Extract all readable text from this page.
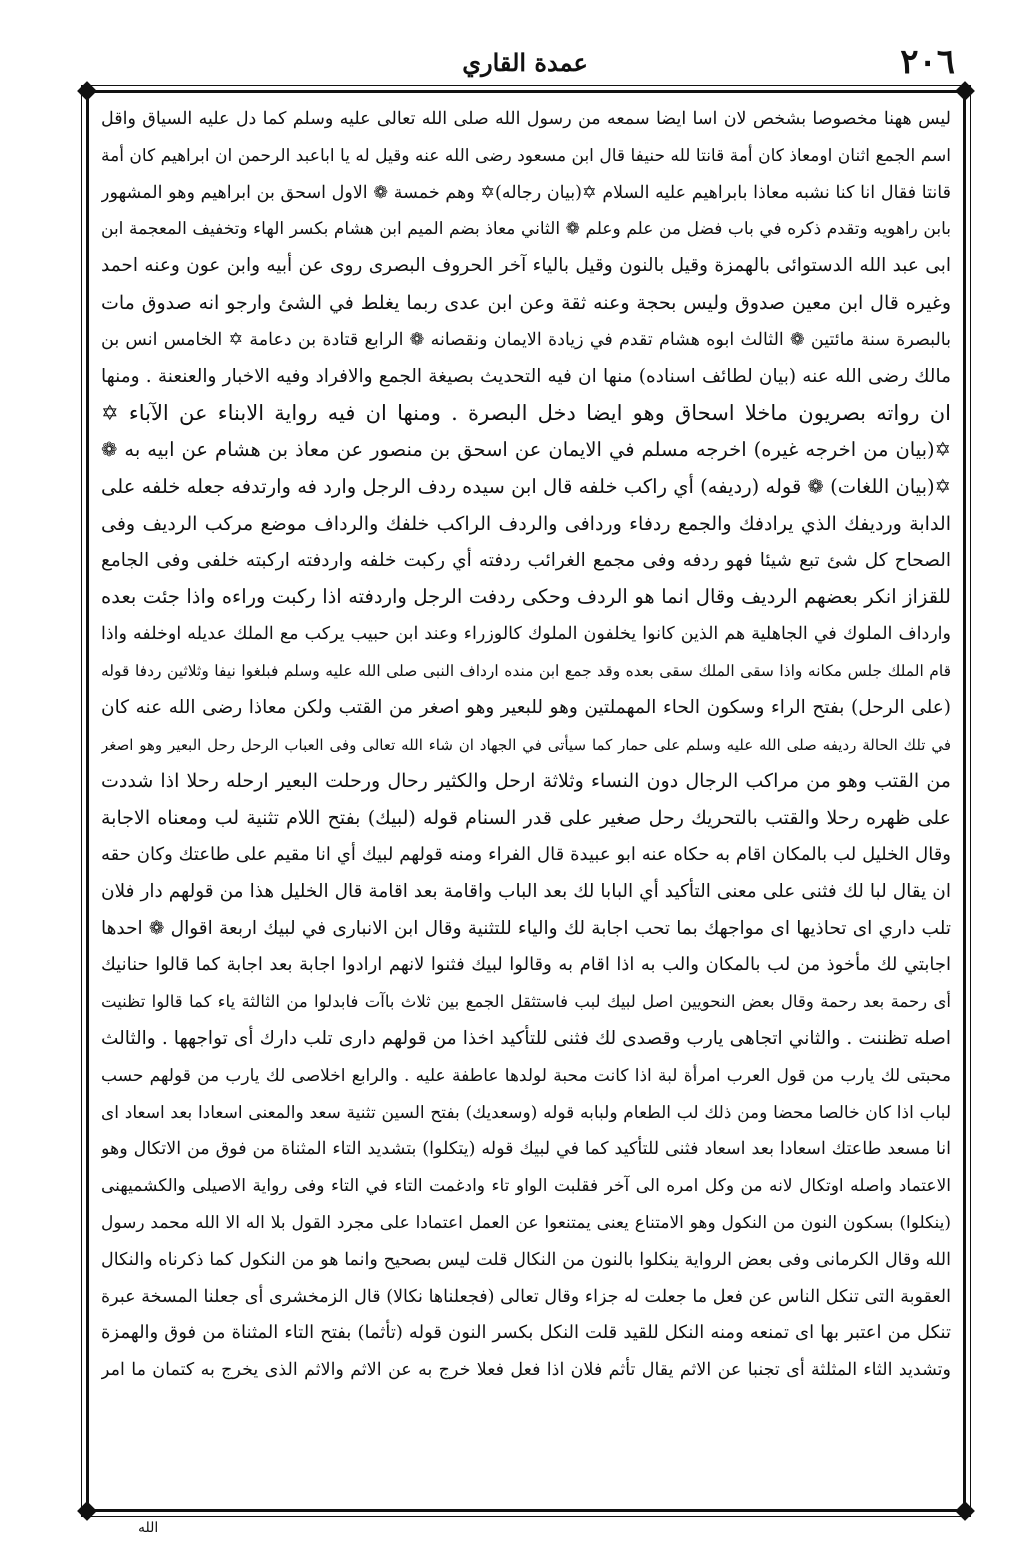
٢٠٦
عمدة القاري
ليس ههنا مخصوصا بشخص لان اسا ايضا سمعه من رسول الله صلى الله تعالى عليه وسلم كما دل عليه السياق واقل
اسم الجمع اثنان اومعاذ كان أمة قانتا لله حنيفا قال ابن مسعود رضى الله عنه وقيل له يا اباعبد الرحمن ان ابراهيم كان أمة
قانتا فقال انا كنا نشبه معاذا بابراهيم عليه السلام ✡(بيان رجاله)✡ وهم خمسة ❁ الاول اسحق بن ابراهيم وهو المشهور
بابن راهويه وتقدم ذكره في باب فضل من علم وعلم ❁ الثاني معاذ بضم الميم ابن هشام بكسر الهاء وتخفيف المعجمة ابن
ابى عبد الله الدستوائى بالهمزة وقيل بالنون وقيل بالياء آخر الحروف البصرى روى عن أبيه وابن عون وعنه احمد
وغيره قال ابن معين صدوق وليس بحجة وعنه ثقة وعن ابن عدى ربما يغلط في الشئ وارجو انه صدوق مات
بالبصرة سنة مائتين ❁ الثالث ابوه هشام تقدم في زيادة الايمان ونقصانه ❁ الرابع قتادة بن دعامة ✡ الخامس انس بن
مالك رضى الله عنه (بيان لطائف اسناده) منها ان فيه التحديث بصيغة الجمع والافراد وفيه الاخبار والعنعنة . ومنها
ان رواته بصريون ماخلا اسحاق وهو ايضا دخل البصرة . ومنها ان فيه رواية الابناء عن الآباء ✡
✡(بيان من اخرجه غيره) اخرجه مسلم في الايمان عن اسحق بن منصور عن معاذ بن هشام عن ابيه به ❁
✡(بيان اللغات) ❁ قوله (رديفه) أي راكب خلفه قال ابن سيده ردف الرجل وارد فه وارتدفه جعله خلفه على
الدابة ورديفك الذي يرادفك والجمع ردفاء وردافى والردف الراكب خلفك والرداف موضع مركب الرديف وفى
الصحاح كل شئ تبع شيئا فهو ردفه وفى مجمع الغرائب ردفته أي ركبت خلفه واردفته اركبته خلفى وفى الجامع
للقزاز انكر بعضهم الرديف وقال انما هو الردف وحكى ردفت الرجل واردفته اذا ركبت وراءه واذا جئت بعده
وارداف الملوك في الجاهلية هم الذين كانوا يخلفون الملوك كالوزراء وعند ابن حبيب يركب مع الملك عديله اوخلفه واذا
قام الملك جلس مكانه واذا سقى الملك سقى بعده وقد جمع ابن منده ارداف النبى صلى الله عليه وسلم فبلغوا نيفا وثلاثين ردفا قوله
(على الرحل) بفتح الراء وسكون الحاء المهملتين وهو للبعير وهو اصغر من القتب ولكن معاذا رضى الله عنه كان
في تلك الحالة رديفه صلى الله عليه وسلم على حمار كما سيأتى في الجهاد ان شاء الله تعالى وفى العباب الرحل رحل البعير وهو اصغر
من القتب وهو من مراكب الرجال دون النساء وثلاثة ارحل والكثير رحال ورحلت البعير ارحله رحلا اذا شددت
على ظهره رحلا والقتب بالتحريك رحل صغير على قدر السنام قوله (لبيك) بفتح اللام تثنية لب ومعناه الاجابة
وقال الخليل لب بالمكان اقام به حكاه عنه ابو عبيدة قال الفراء ومنه قولهم لبيك أي انا مقيم على طاعتك وكان حقه
ان يقال لبا لك فثنى على معنى التأكيد أي البابا لك بعد الباب واقامة بعد اقامة قال الخليل هذا من قولهم دار فلان
تلب داري اى تحاذيها اى مواجهك بما تحب اجابة لك والياء للتثنية وقال ابن الانبارى في لبيك اربعة اقوال ❁ احدها
اجابتي لك مأخوذ من لب بالمكان والب به اذا اقام به وقالوا لبيك فثنوا لانهم ارادوا اجابة بعد اجابة كما قالوا حنانيك
أى رحمة بعد رحمة وقال بعض النحويين اصل لبيك لبب فاستثقل الجمع بين ثلاث باآت فابدلوا من الثالثة ياء كما قالوا تظنيت
اصله تظننت . والثاني اتجاهى يارب وقصدى لك فثنى للتأكيد اخذا من قولهم دارى تلب دارك أى تواجهها . والثالث
محبتى لك يارب من قول العرب امرأة لبة اذا كانت محبة لولدها عاطفة عليه . والرابع اخلاصى لك يارب من قولهم حسب
لباب اذا كان خالصا محضا ومن ذلك لب الطعام ولبابه قوله (وسعديك) بفتح السين تثنية سعد والمعنى اسعادا بعد اسعاد اى
انا مسعد طاعتك اسعادا بعد اسعاد فثنى للتأكيد كما في لبيك قوله (يتكلوا) بتشديد التاء المثناة من فوق من الاتكال وهو
الاعتماد واصله اوتكال لانه من وكل امره الى آخر فقلبت الواو تاء وادغمت التاء في التاء وفى رواية الاصيلى والكشميهنى
(ينكلوا) بسكون النون من النكول وهو الامتناع يعنى يمتنعوا عن العمل اعتمادا على مجرد القول بلا اله الا الله محمد رسول
الله وقال الكرمانى وفى بعض الرواية ينكلوا بالنون من النكال قلت ليس بصحيح وانما هو من النكول كما ذكرناه والنكال
العقوبة التى تنكل الناس عن فعل ما جعلت له جزاء وقال تعالى (فجعلناها نكالا) قال الزمخشرى أى جعلنا المسخة عبرة
تنكل من اعتبر بها اى تمنعه ومنه النكل للقيد قلت النكل بكسر النون قوله (تأثما) بفتح التاء المثناة من فوق والهمزة
وتشديد الثاء المثلثة أى تجنبا عن الاثم يقال تأثم فلان اذا فعل فعلا خرج به عن الاثم والاثم الذى يخرج به كتمان ما امر
الله
